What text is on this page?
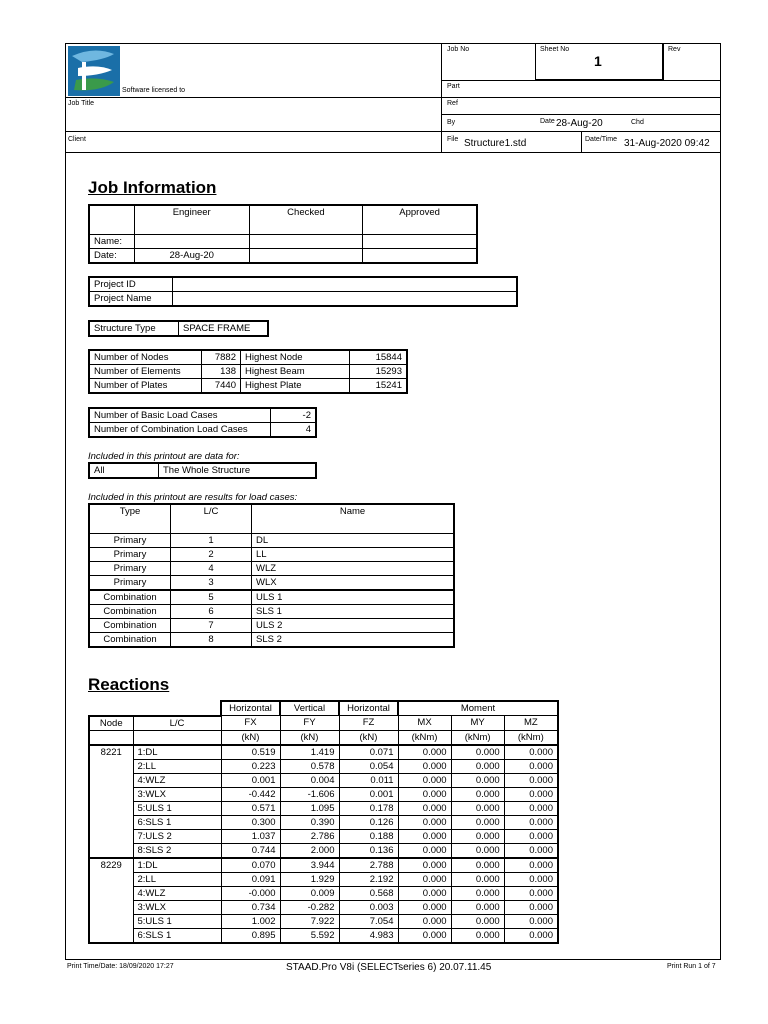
Software licensed to
Job No	Sheet No
1
Rev
Part
Job Title	Ref
By	Date 28-Aug-20	Chd
Client	File Structure1.std	Date/Time 31-Aug-2020 09:42
Job Information
	Engineer	Checked	Approved
Name:			
Date:	28-Aug-20		
Project ID	
Project Name	
Structure Type	SPACE FRAME
Number of Nodes	7882	Highest Node	15844
Number of Elements	138	Highest Beam	15293
Number of Plates	7440	Highest Plate	15241
Number of Basic Load Cases	-2
Number of Combination Load Cases	4
Included in this printout are data for:
All	The Whole Structure
Included in this printout are results for load cases:
Type	L/C	Name
Primary	1	DL
Primary	2	LL
Primary	4	WLZ
Primary	3	WLX
Combination	5	ULS 1
Combination	6	SLS 1
Combination	7	ULS 2
Combination	8	SLS 2
Reactions
		Horizontal	Vertical	Horizontal	Moment		
Node	L/C	FX	FY	FZ	MX	MY	MZ
		(kN)	(kN)	(kN)	(kNm)	(kNm)	(kNm)
8221	1:DL	0.519	1.419	0.071	0.000	0.000	0.000
	2:LL	0.223	0.578	0.054	0.000	0.000	0.000
	4:WLZ	0.001	0.004	0.011	0.000	0.000	0.000
	3:WLX	-0.442	-1.606	0.001	0.000	0.000	0.000
	5:ULS 1	0.571	1.095	0.178	0.000	0.000	0.000
	6:SLS 1	0.300	0.390	0.126	0.000	0.000	0.000
	7:ULS 2	1.037	2.786	0.188	0.000	0.000	0.000
	8:SLS 2	0.744	2.000	0.136	0.000	0.000	0.000
8229	1:DL	0.070	3.944	2.788	0.000	0.000	0.000
	2:LL	0.091	1.929	2.192	0.000	0.000	0.000
	4:WLZ	-0.000	0.009	0.568	0.000	0.000	0.000
	3:WLX	0.734	-0.282	0.003	0.000	0.000	0.000
	5:ULS 1	1.002	7.922	7.054	0.000	0.000	0.000
	6:SLS 1	0.895	5.592	4.983	0.000	0.000	0.000
Print Time/Date: 18/09/2020 17:27	STAAD.Pro V8i (SELECTseries 6) 20.07.11.45	Print Run 1 of 7
